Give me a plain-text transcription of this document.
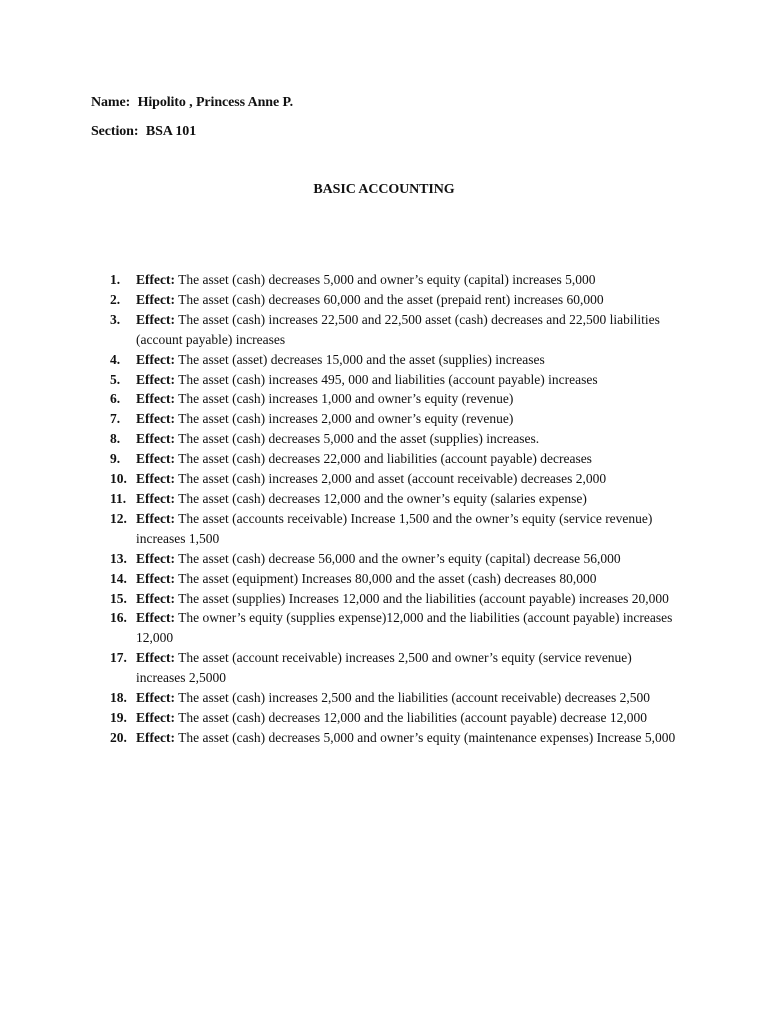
Name: Hipolito , Princess Anne P.
Section: BSA 101
BASIC ACCOUNTING
1.	Effect: The asset (cash) decreases 5,000 and owner’s equity (capital) increases 5,000
2.	Effect: The asset (cash) decreases 60,000 and the asset (prepaid rent) increases 60,000
3.	Effect: The asset (cash) increases 22,500 and 22,500 asset (cash) decreases and 22,500 liabilities (account payable) increases
4.	Effect: The asset (asset) decreases 15,000 and the asset (supplies) increases
5.	Effect: The asset (cash) increases 495, 000 and liabilities (account payable) increases
6.	Effect: The asset (cash) increases 1,000 and owner’s equity (revenue)
7.	Effect: The asset (cash) increases 2,000 and owner’s equity (revenue)
8.	Effect: The asset (cash) decreases 5,000 and the asset (supplies) increases.
9.	Effect: The asset (cash) decreases 22,000 and liabilities (account payable) decreases
10. Effect: The asset (cash) increases 2,000 and asset (account receivable) decreases 2,000
11. Effect: The asset (cash) decreases 12,000 and the owner’s equity (salaries expense)
12. Effect: The asset (accounts receivable) Increase 1,500 and the owner’s equity (service revenue) increases 1,500
13. Effect: The asset (cash) decrease 56,000 and the owner’s equity (capital) decrease 56,000
14. Effect: The asset (equipment) Increases 80,000 and the asset (cash) decreases 80,000
15. Effect: The asset (supplies) Increases 12,000 and the liabilities (account payable) increases 20,000
16. Effect: The owner’s equity (supplies expense)12,000 and the liabilities (account payable) increases 12,000
17. Effect: The asset (account receivable) increases 2,500 and owner’s equity (service revenue) increases 2,5000
18. Effect: The asset (cash) increases 2,500 and the liabilities (account receivable) decreases 2,500
19. Effect: The asset (cash) decreases 12,000 and the liabilities (account payable) decrease 12,000
20. Effect: The asset (cash) decreases 5,000 and owner’s equity (maintenance expenses) Increase 5,000
